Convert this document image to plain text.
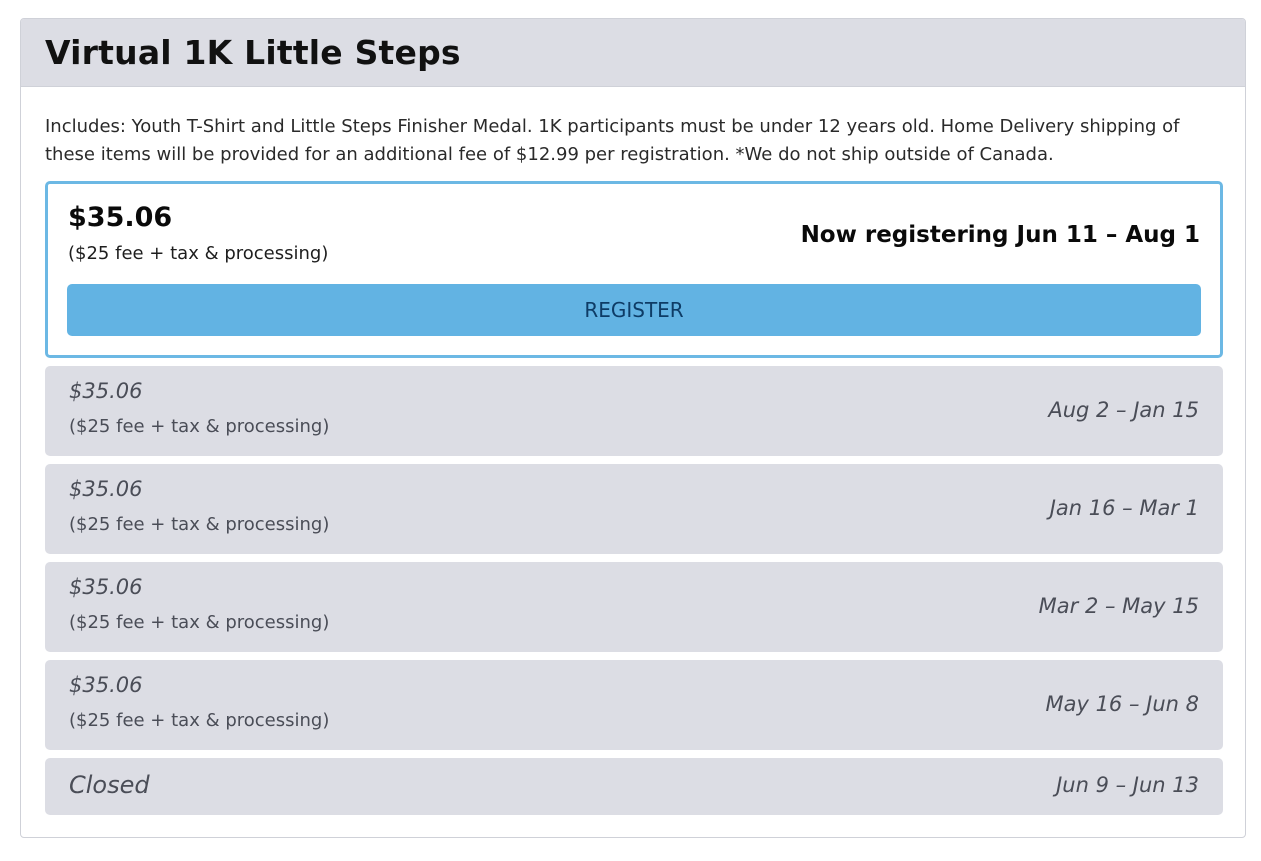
Virtual 1K Little Steps
Includes: Youth T-Shirt and Little Steps Finisher Medal. 1K participants must be under 12 years old. Home Delivery shipping of these items will be provided for an additional fee of $12.99 per registration. *We do not ship outside of Canada.
$35.06
($25 fee + tax & processing)
Now registering Jun 11 – Aug 1
REGISTER
$35.06
($25 fee + tax & processing)
Aug 2 – Jan 15
$35.06
($25 fee + tax & processing)
Jan 16 – Mar 1
$35.06
($25 fee + tax & processing)
Mar 2 – May 15
$35.06
($25 fee + tax & processing)
May 16 – Jun 8
Closed	Jun 9 – Jun 13
